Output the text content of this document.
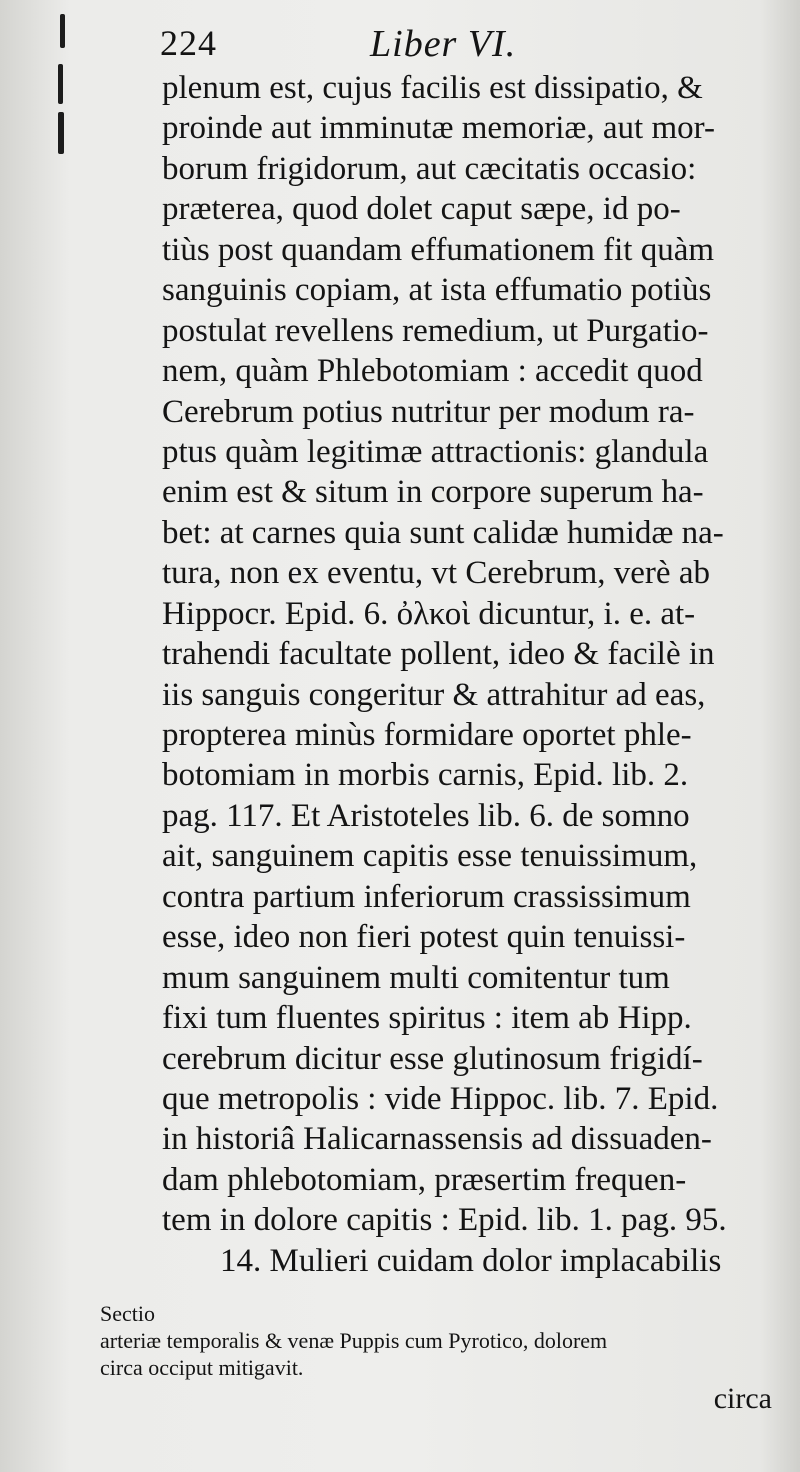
224	Liber VI.
plenum est, cujus facilis est dissipatio, &
proinde aut imminutæ memoriæ, aut mor-
borum frigidorum, aut cæcitatis occasio:
præterea, quod dolet caput sæpe, id po-
tiùs post quandam effumationem fit quàm
sanguinis copiam, at ista effumatio potiùs
postulat revellens remedium, ut Purgatio-
nem, quàm Phlebotomiam : accedit quod
Cerebrum potius nutritur per modum ra-
ptus quàm legitimæ attractionis: glandula
enim est & situm in corpore superum ha-
bet: at carnes quia sunt calidæ humidæ na-
tura, non ex eventu, vt Cerebrum, verè ab
Hippocr. Epid. 6. ὀλκοὶ dicuntur, i. e. at-
trahendi facultate pollent, ideo & facilè in
iis sanguis congeritur & attrahitur ad eas,
propterea minùs formidare oportet phle-
botomiam in morbis carnis, Epid. lib. 2.
pag. 117. Et Aristoteles lib. 6. de somno
ait, sanguinem capitis esse tenuissimum,
contra partium inferiorum crassissimum
esse, ideo non fieri potest quin tenuissi-
mum sanguinem multi comitentur tum
fixi tum fluentes spiritus : item ab Hipp.
cerebrum dicitur esse glutinosum frigidí-
que metropolis : vide Hippoc. lib. 7. Epid.
in historiâ Halicarnassensis ad dissuaden-
dam phlebotomiam, præsertim frequen-
tem in dolore capitis : Epid. lib. 1. pag. 95.
14. Mulieri cuidam dolor implacabilis
Sectio
arteriæ temporalis & venæ Puppis cum Pyrotico, dolorem
circa occiput mitigavit.
circa
